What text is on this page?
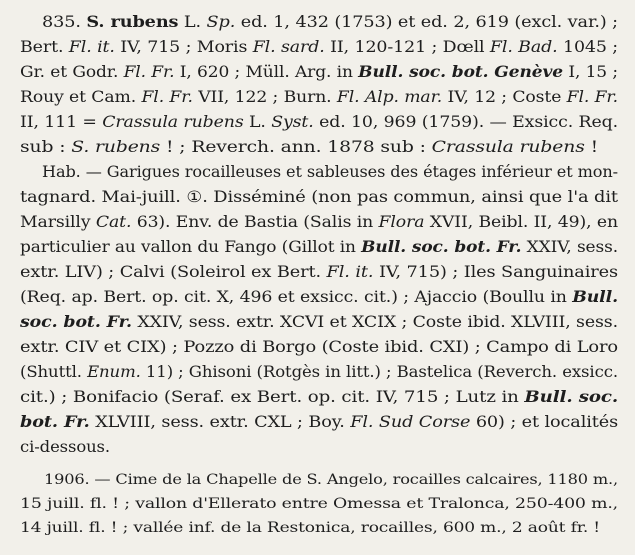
835. S. rubens L. Sp. ed. 1, 432 (1753) et ed. 2, 619 (excl. var.) ;
Bert. Fl. it. IV, 715 ; Moris Fl. sard. II, 120-121 ; Dœll Fl. Bad. 1045 ;
Gr. et Godr. Fl. Fr. I, 620 ; Müll. Arg. in Bull. soc. bot. Genève I, 15 ;
Rouy et Cam. Fl. Fr. VII, 122 ; Burn. Fl. Alp. mar. IV, 12 ; Coste Fl. Fr.
II, 111 = Crassula rubens L. Syst. ed. 10, 969 (1759). — Exsicc. Req.
sub : S. rubens ! ; Reverch. ann. 1878 sub : Crassula rubens !
Hab. — Garigues rocailleuses et sableuses des étages inférieur et mon-
tagnard. Mai-juill. ①. Disséminé (non pas commun, ainsi que l'a dit
Marsilly Cat. 63). Env. de Bastia (Salis in Flora XVII, Beibl. II, 49), en
particulier au vallon du Fango (Gillot in Bull. soc. bot. Fr. XXIV, sess.
extr. LIV) ; Calvi (Soleirol ex Bert. Fl. it. IV, 715) ; Iles Sanguinaires
(Req. ap. Bert. op. cit. X, 496 et exsicc. cit.) ; Ajaccio (Boullu in Bull.
soc. bot. Fr. XXIV, sess. extr. XCVI et XCIX ; Coste ibid. XLVIII, sess.
extr. CIV et CIX) ; Pozzo di Borgo (Coste ibid. CXI) ; Campo di Loro
(Shuttl. Enum. 11) ; Ghisoni (Rotgès in litt.) ; Bastelica (Reverch. exsicc.
cit.) ; Bonifacio (Seraf. ex Bert. op. cit. IV, 715 ; Lutz in Bull. soc.
bot. Fr. XLVIII, sess. extr. CXL ; Boy. Fl. Sud Corse 60) ; et localités
ci-dessous.
1906. — Cime de la Chapelle de S. Angelo, rocailles calcaires, 1180 m.,
15 juill. fl. ! ; vallon d'Ellerato entre Omessa et Traloncа, 250-400 m.,
14 juill. fl. ! ; vallée inf. de la Restonica, rocailles, 600 m., 2 août fr. !
